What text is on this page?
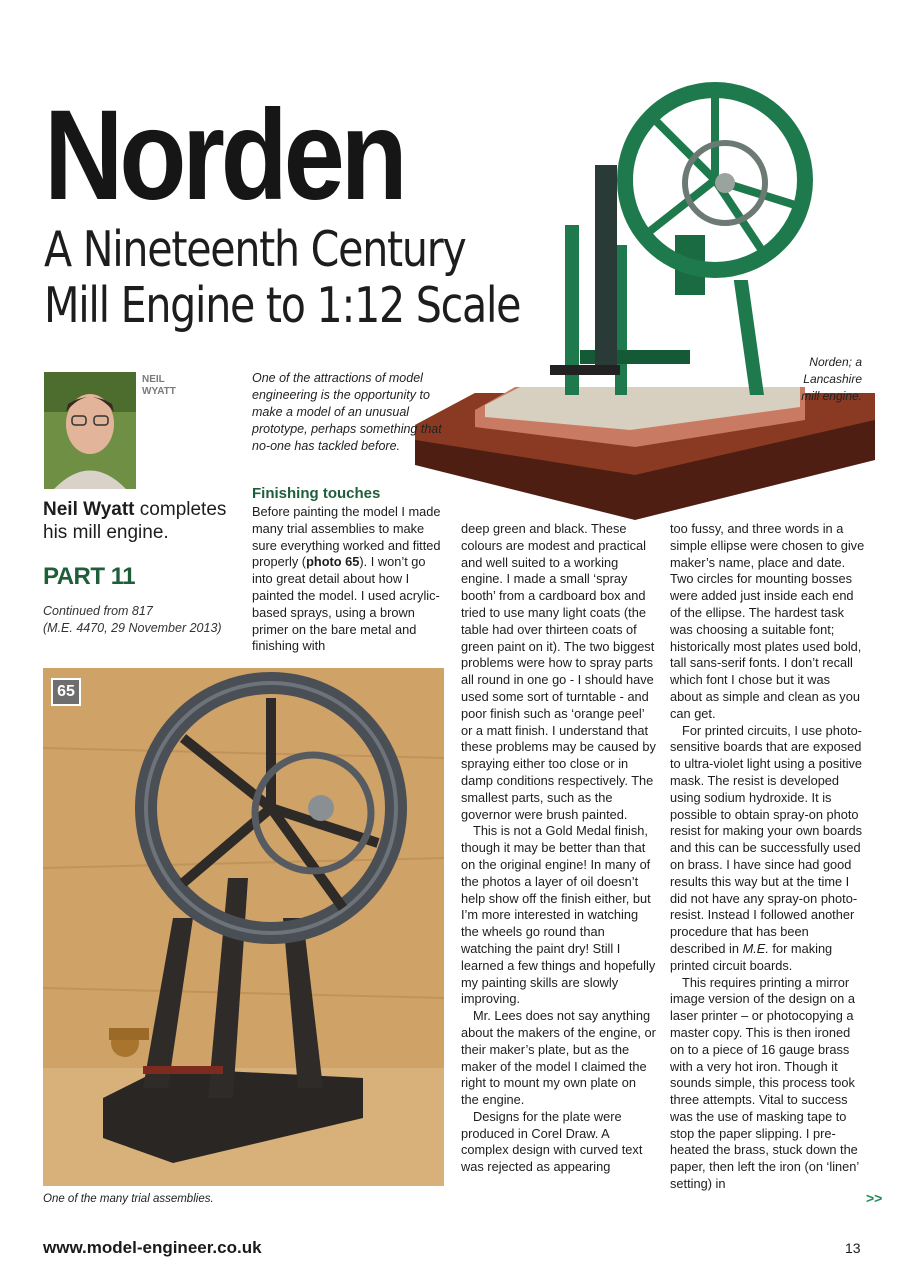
Norden
A Nineteenth Century
Mill Engine to 1:12 Scale
NEIL
WYATT
Neil Wyatt completes his mill engine.
PART 11
Continued from 817
(M.E. 4470, 29 November 2013)
One of the attractions of model engineering is the opportunity to make a model of an unusual prototype, perhaps something that no-one has tackled before.
Norden; a Lancashire mill engine.
Finishing touches

Before painting the model I made many trial assemblies to make sure everything worked and fitted properly (photo 65). I won’t go into great detail about how I painted the model. I used acrylic-based sprays, using a brown primer on the bare metal and finishing with

deep green and black. These colours are modest and practical and well suited to a working engine. I made a small ‘spray booth’ from a cardboard box and tried to use many light coats (the table had over thirteen coats of green paint on it). The two biggest problems were how to spray parts all round in one go - I should have used some sort of turntable - and poor finish such as ‘orange peel’ or a matt finish. I understand that these problems may be caused by spraying either too close or in damp conditions respectively. The smallest parts, such as the governor were brush painted.

This is not a Gold Medal finish, though it may be better than that on the original engine! In many of the photos a layer of oil doesn’t help show off the finish either, but I’m more interested in watching the wheels go round than watching the paint dry! Still I learned a few things and hopefully my painting skills are slowly improving.

Mr. Lees does not say anything about the makers of the engine, or their maker’s plate, but as the maker of the model I claimed the right to mount my own plate on the engine.

Designs for the plate were produced in Corel Draw. A complex design with curved text was rejected as appearing

too fussy, and three words in a simple ellipse were chosen to give maker’s name, place and date. Two circles for mounting bosses were added just inside each end of the ellipse. The hardest task was choosing a suitable font; historically most plates used bold, tall sans-serif fonts. I don’t recall which font I chose but it was about as simple and clean as you can get.

For printed circuits, I use photo-sensitive boards that are exposed to ultra-violet light using a positive mask. The resist is developed using sodium hydroxide. It is possible to obtain spray-on photo resist for making your own boards and this can be successfully used on brass. I have since had good results this way but at the time I did not have any spray-on photo-resist. Instead I followed another procedure that has been described in M.E. for making printed circuit boards.

This requires printing a mirror image version of the design on a laser printer – or photocopying a master copy. This is then ironed on to a piece of 16 gauge brass with a very hot iron. Though it sounds simple, this process took three attempts. Vital to success was the use of masking tape to stop the paper slipping. I pre-heated the brass, stuck down the paper, then left the iron (on ‘linen’ setting) in

65
One of the many trial assemblies.	>>
www.model-engineer.co.uk	13
